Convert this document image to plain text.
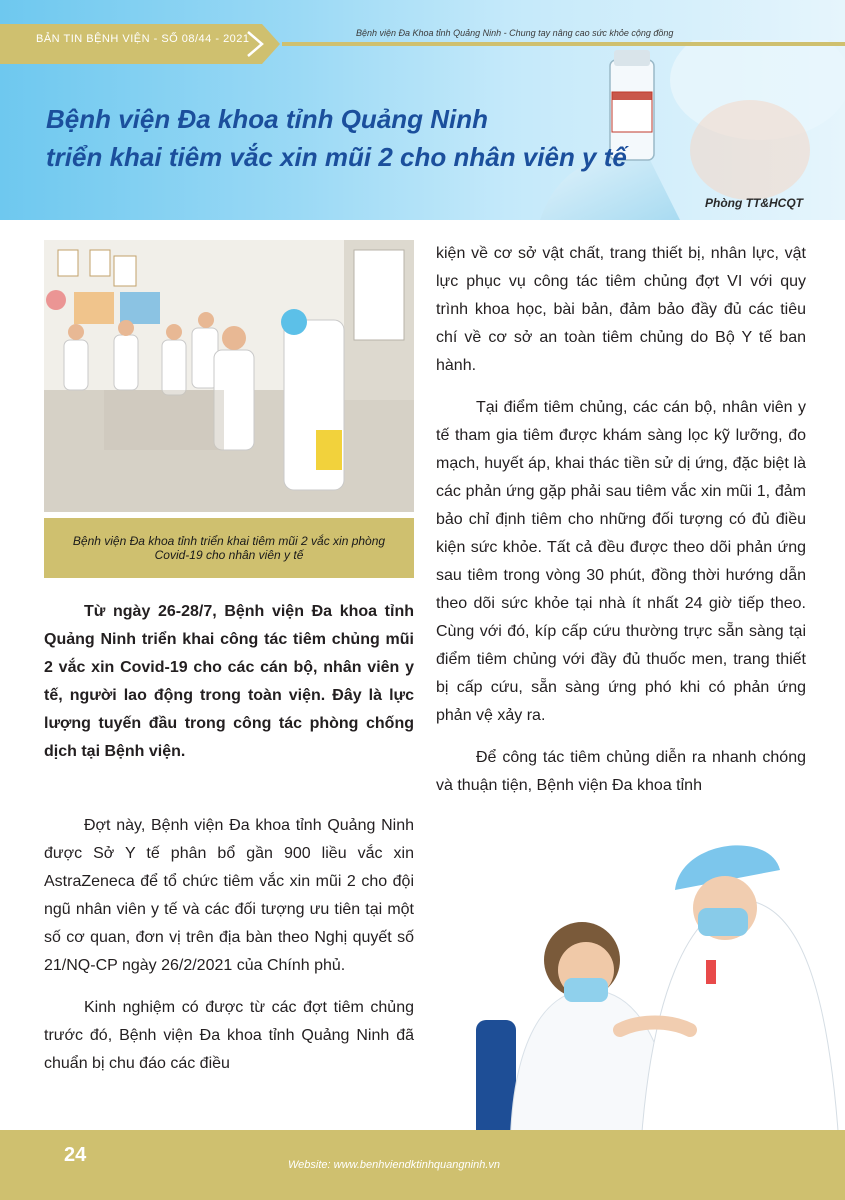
BẢN TIN BỆNH VIỆN - SỐ 08/44 - 2021	Bệnh viện Đa Khoa tỉnh Quảng Ninh - Chung tay nâng cao sức khỏe cộng đồng
Bệnh viện Đa khoa tỉnh Quảng Ninh
triển khai tiêm vắc xin mũi 2 cho nhân viên y tế
Phòng TT&HCQT
Bệnh viện Đa khoa tỉnh triển khai tiêm mũi 2 vắc xin phòng Covid-19 cho nhân viên y tế

Từ ngày 26-28/7, Bệnh viện Đa khoa tỉnh Quảng Ninh triển khai công tác tiêm chủng mũi 2 vắc xin Covid-19 cho các cán bộ, nhân viên y tế, người lao động trong toàn viện. Đây là lực lượng tuyến đầu trong công tác phòng chống dịch tại Bệnh viện.

Đợt này, Bệnh viện Đa khoa tỉnh Quảng Ninh được Sở Y tế phân bổ gần 900 liều vắc xin AstraZeneca để tổ chức tiêm vắc xin mũi 2 cho đội ngũ nhân viên y tế và các đối tượng ưu tiên tại một số cơ quan, đơn vị trên địa bàn theo Nghị quyết số 21/NQ-CP ngày 26/2/2021 của Chính phủ.

Kinh nghiệm có được từ các đợt tiêm chủng trước đó, Bệnh viện Đa khoa tỉnh Quảng Ninh đã chuẩn bị chu đáo các điều

kiện về cơ sở vật chất, trang thiết bị, nhân lực, vật lực phục vụ công tác tiêm chủng đợt VI với quy trình khoa học, bài bản, đảm bảo đầy đủ các tiêu chí về cơ sở an toàn tiêm chủng do Bộ Y tế ban hành.

Tại điểm tiêm chủng, các cán bộ, nhân viên y tế tham gia tiêm được khám sàng lọc kỹ lưỡng, đo mạch, huyết áp, khai thác tiền sử dị ứng, đặc biệt là các phản ứng gặp phải sau tiêm vắc xin mũi 1, đảm bảo chỉ định tiêm cho những đối tượng có đủ điều kiện sức khỏe. Tất cả đều được theo dõi phản ứng sau tiêm trong vòng 30 phút, đồng thời hướng dẫn theo dõi sức khỏe tại nhà ít nhất 24 giờ tiếp theo. Cùng với đó, kíp cấp cứu thường trực sẵn sàng tại điểm tiêm chủng với đầy đủ thuốc men, trang thiết bị cấp cứu, sẵn sàng ứng phó khi có phản ứng phản vệ xảy ra.

Để công tác tiêm chủng diễn ra nhanh chóng và thuận tiện, Bệnh viện Đa khoa tỉnh

24	Website: www.benhviendktinhquangninh.vn
